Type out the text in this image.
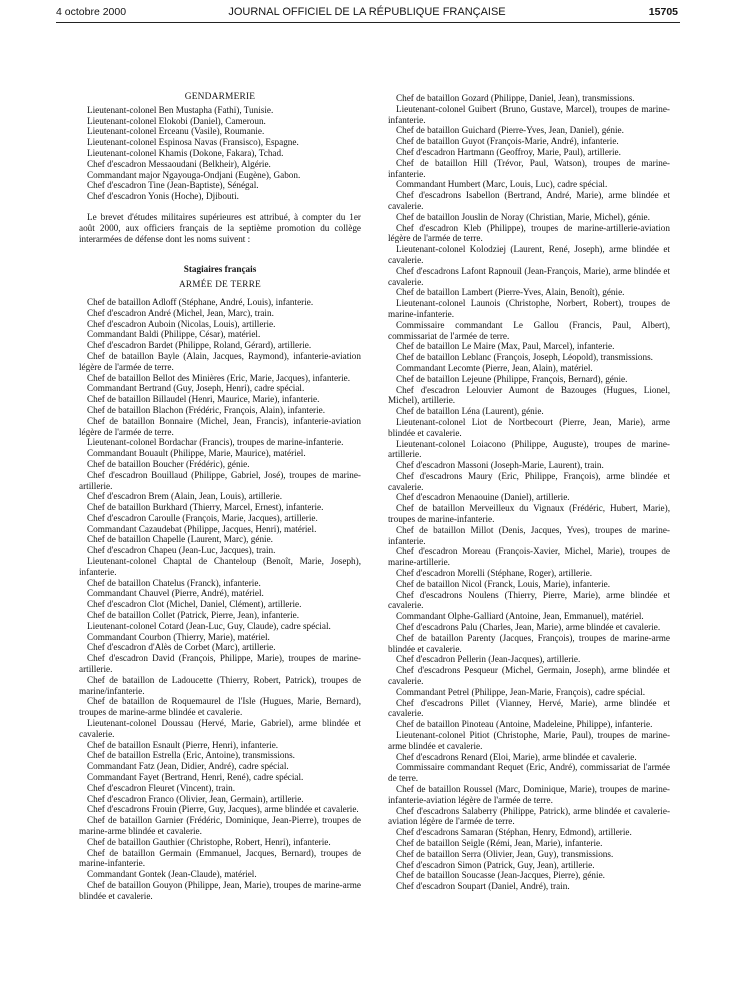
4 octobre 2000	JOURNAL OFFICIEL DE LA RÉPUBLIQUE FRANÇAISE	15705

GENDARMERIE

Lieutenant-colonel Ben Mustapha (Fathi), Tunisie.

Lieutenant-colonel Elokobi (Daniel), Cameroun.

Lieutenant-colonel Erceanu (Vasile), Roumanie.

Lieutenant-colonel Espinosa Navas (Fransisco), Espagne.

Lieutenant-colonel Khamis (Dokone, Fakara), Tchad.

Chef d'escadron Messaoudani (Belkheir), Algérie.

Commandant major Ngayouga-Ondjani (Eugène), Gabon.

Chef d'escadron Tine (Jean-Baptiste), Sénégal.

Chef d'escadron Yonis (Hoche), Djibouti.

Le brevet d'études militaires supérieures est attribué, à compter du 1er août 2000, aux officiers français de la septième promotion du collège interarmées de défense dont les noms suivent :

Stagiaires français

ARMÉE DE TERRE

Chef de bataillon Adloff (Stéphane, André, Louis), infanterie.

Chef d'escadron André (Michel, Jean, Marc), train.

Chef d'escadron Auboin (Nicolas, Louis), artillerie.

Commandant Baldi (Philippe, César), matériel.

Chef d'escadron Bardet (Philippe, Roland, Gérard), artillerie.

Chef de bataillon Bayle (Alain, Jacques, Raymond), infanterie-aviation légère de l'armée de terre.

Chef de bataillon Bellot des Minières (Eric, Marie, Jacques), infanterie.

Commandant Bertrand (Guy, Joseph, Henri), cadre spécial.

Chef de bataillon Billaudel (Henri, Maurice, Marie), infanterie.

Chef de bataillon Blachon (Frédéric, François, Alain), infanterie.

Chef de bataillon Bonnaire (Michel, Jean, Francis), infanterie-aviation légère de l'armée de terre.

Lieutenant-colonel Bordachar (Francis), troupes de marine-infanterie.

Commandant Bouault (Philippe, Marie, Maurice), matériel.

Chef de bataillon Boucher (Frédéric), génie.

Chef d'escadron Bouillaud (Philippe, Gabriel, José), troupes de marine-artillerie.

Chef d'escadron Brem (Alain, Jean, Louis), artillerie.

Chef de bataillon Burkhard (Thierry, Marcel, Ernest), infanterie.

Chef d'escadron Caroulle (François, Marie, Jacques), artillerie.

Commandant Cazaudebat (Philippe, Jacques, Henri), matériel.

Chef de bataillon Chapelle (Laurent, Marc), génie.

Chef d'escadron Chapeu (Jean-Luc, Jacques), train.

Lieutenant-colonel Chaptal de Chanteloup (Benoît, Marie, Joseph), infanterie.

Chef de bataillon Chatelus (Franck), infanterie.

Commandant Chauvel (Pierre, André), matériel.

Chef d'escadron Clot (Michel, Daniel, Clément), artillerie.

Chef de bataillon Collet (Patrick, Pierre, Jean), infanterie.

Lieutenant-colonel Cotard (Jean-Luc, Guy, Claude), cadre spécial.

Commandant Courbon (Thierry, Marie), matériel.

Chef d'escadron d'Alès de Corbet (Marc), artillerie.

Chef d'escadron David (François, Philippe, Marie), troupes de marine-artillerie.

Chef de bataillon de Ladoucette (Thierry, Robert, Patrick), troupes de marine/infanterie.

Chef de bataillon de Roquemaurel de l'Isle (Hugues, Marie, Bernard), troupes de marine-arme blindée et cavalerie.

Lieutenant-colonel Doussau (Hervé, Marie, Gabriel), arme blindée et cavalerie.

Chef de bataillon Esnault (Pierre, Henri), infanterie.

Chef de bataillon Estrella (Eric, Antoine), transmissions.

Commandant Fatz (Jean, Didier, André), cadre spécial.

Commandant Fayet (Bertrand, Henri, René), cadre spécial.

Chef d'escadron Fleuret (Vincent), train.

Chef d'escadron Franco (Olivier, Jean, Germain), artillerie.

Chef d'escadrons Frouin (Pierre, Guy, Jacques), arme blindée et cavalerie.

Chef de bataillon Garnier (Frédéric, Dominique, Jean-Pierre), troupes de marine-arme blindée et cavalerie.

Chef de bataillon Gauthier (Christophe, Robert, Henri), infanterie.

Chef de bataillon Germain (Emmanuel, Jacques, Bernard), troupes de marine-infanterie.

Commandant Gontek (Jean-Claude), matériel.

Chef de bataillon Gouyon (Philippe, Jean, Marie), troupes de marine-arme blindée et cavalerie.

Chef de bataillon Gozard (Philippe, Daniel, Jean), transmissions.

Lieutenant-colonel Guibert (Bruno, Gustave, Marcel), troupes de marine-infanterie.

Chef de bataillon Guichard (Pierre-Yves, Jean, Daniel), génie.

Chef de bataillon Guyot (François-Marie, André), infanterie.

Chef d'escadron Hartmann (Geoffroy, Marie, Paul), artillerie.

Chef de bataillon Hill (Trévor, Paul, Watson), troupes de marine-infanterie.

Commandant Humbert (Marc, Louis, Luc), cadre spécial.

Chef d'escadrons Isabellon (Bertrand, André, Marie), arme blindée et cavalerie.

Chef de bataillon Jouslin de Noray (Christian, Marie, Michel), génie.

Chef d'escadron Kleb (Philippe), troupes de marine-artillerie-aviation légère de l'armée de terre.

Lieutenant-colonel Kolodziej (Laurent, René, Joseph), arme blindée et cavalerie.

Chef d'escadrons Lafont Rapnouil (Jean-François, Marie), arme blindée et cavalerie.

Chef de bataillon Lambert (Pierre-Yves, Alain, Benoît), génie.

Lieutenant-colonel Launois (Christophe, Norbert, Robert), troupes de marine-infanterie.

Commissaire commandant Le Gallou (Francis, Paul, Albert), commissariat de l'armée de terre.

Chef de bataillon Le Maire (Max, Paul, Marcel), infanterie.

Chef de bataillon Leblanc (François, Joseph, Léopold), transmissions.

Commandant Lecomte (Pierre, Jean, Alain), matériel.

Chef de bataillon Lejeune (Philippe, François, Bernard), génie.

Chef d'escadron Lelouvier Aumont de Bazouges (Hugues, Lionel, Michel), artillerie.

Chef de bataillon Léna (Laurent), génie.

Lieutenant-colonel Liot de Nortbecourt (Pierre, Jean, Marie), arme blindée et cavalerie.

Lieutenant-colonel Loiacono (Philippe, Auguste), troupes de marine-artillerie.

Chef d'escadron Massoni (Joseph-Marie, Laurent), train.

Chef d'escadrons Maury (Eric, Philippe, François), arme blindée et cavalerie.

Chef d'escadron Menaouine (Daniel), artillerie.

Chef de bataillon Merveilleux du Vignaux (Frédéric, Hubert, Marie), troupes de marine-infanterie.

Chef de bataillon Millot (Denis, Jacques, Yves), troupes de marine-infanterie.

Chef d'escadron Moreau (François-Xavier, Michel, Marie), troupes de marine-artillerie.

Chef d'escadron Morelli (Stéphane, Roger), artillerie.

Chef de bataillon Nicol (Franck, Louis, Marie), infanterie.

Chef d'escadrons Noulens (Thierry, Pierre, Marie), arme blindée et cavalerie.

Commandant Olphe-Galliard (Antoine, Jean, Emmanuel), matériel.

Chef d'escadrons Palu (Charles, Jean, Marie), arme blindée et cavalerie.

Chef de bataillon Parenty (Jacques, François), troupes de marine-arme blindée et cavalerie.

Chef d'escadron Pellerin (Jean-Jacques), artillerie.

Chef d'escadrons Pesqueur (Michel, Germain, Joseph), arme blindée et cavalerie.

Commandant Petrel (Philippe, Jean-Marie, François), cadre spécial.

Chef d'escadrons Pillet (Vianney, Hervé, Marie), arme blindée et cavalerie.

Chef de bataillon Pinoteau (Antoine, Madeleine, Philippe), infanterie.

Lieutenant-colonel Pitiot (Christophe, Marie, Paul), troupes de marine-arme blindée et cavalerie.

Chef d'escadrons Renard (Eloi, Marie), arme blindée et cavalerie.

Commissaire commandant Requet (Eric, André), commissariat de l'armée de terre.

Chef de bataillon Roussel (Marc, Dominique, Marie), troupes de marine-infanterie-aviation légère de l'armée de terre.

Chef d'escadrons Salaberry (Philippe, Patrick), arme blindée et cavalerie-aviation légère de l'armée de terre.

Chef d'escadrons Samaran (Stéphan, Henry, Edmond), artillerie.

Chef de bataillon Seigle (Rémi, Jean, Marie), infanterie.

Chef de bataillon Serra (Olivier, Jean, Guy), transmissions.

Chef d'escadron Simon (Patrick, Guy, Jean), artillerie.

Chef de bataillon Soucasse (Jean-Jacques, Pierre), génie.

Chef d'escadron Soupart (Daniel, André), train.
